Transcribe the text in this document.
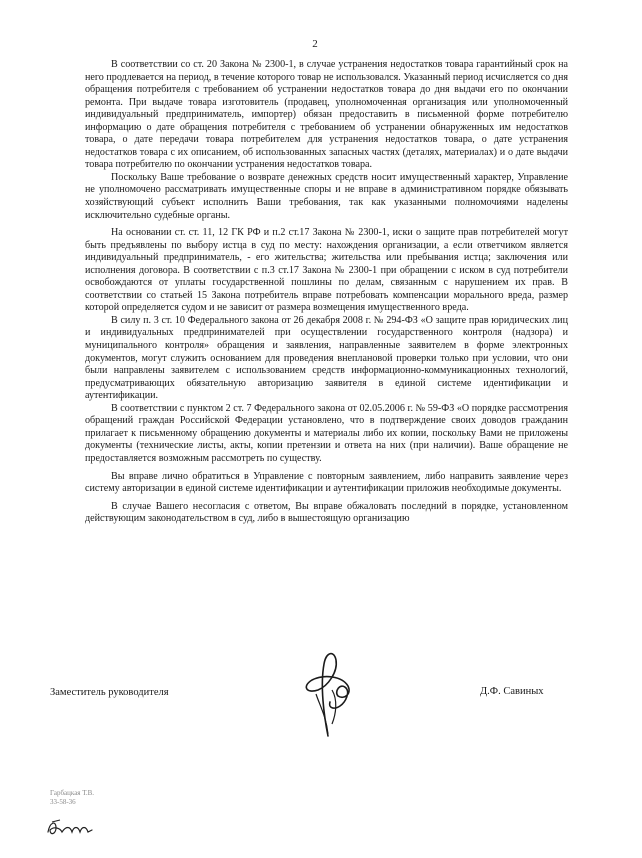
2

В соответствии со ст. 20 Закона № 2300-1, в случае устранения недостатков товара гарантийный срок на него продлевается на период, в течение которого товар не использовался. Указанный период исчисляется со дня обращения потребителя с требованием об устранении недостатков товара до дня выдачи его по окончании ремонта. При выдаче товара изготовитель (продавец, уполномоченная организация или уполномоченный индивидуальный предприниматель, импортер) обязан предоставить в письменной форме потребителю информацию о дате обращения потребителя с требованием об устранении обнаруженных им недостатков товара, о дате передачи товара потребителем для устранения недостатков товара, о дате устранения недостатков товара с их описанием, об использованных запасных частях (деталях, материалах) и о дате выдачи товара потребителю по окончании устранения недостатков товара.

Поскольку Ваше требование о возврате денежных средств носит имущественный характер, Управление не уполномочено рассматривать имущественные споры и не вправе в административном порядке обязывать хозяйствующий субъект исполнить Ваши требования, так как указанными полномочиями наделены исключительно судебные органы.

На основании ст. ст. 11, 12 ГК РФ и п.2 ст.17 Закона № 2300-1, иски о защите прав потребителей могут быть предъявлены по выбору истца в суд по месту: нахождения организации, а если ответчиком является индивидуальный предприниматель, - его жительства; жительства или пребывания истца; заключения или исполнения договора. В соответствии с п.3 ст.17 Закона № 2300-1 при обращении с иском в суд потребители освобождаются от уплаты государственной пошлины по делам, связанным с нарушением их прав. В соответствии со статьей 15 Закона потребитель вправе потребовать компенсации морального вреда, размер которой определяется судом и не зависит от размера возмещения имущественного вреда.

В силу п. 3 ст. 10 Федерального закона от 26 декабря 2008 г. № 294-ФЗ «О защите прав юридических лиц и индивидуальных предпринимателей при осуществлении государственного контроля (надзора) и муниципального контроля» обращения и заявления, направленные заявителем в форме электронных документов, могут служить основанием для проведения внеплановой проверки только при условии, что они были направлены заявителем с использованием средств информационно-коммуникационных технологий, предусматривающих обязательную авторизацию заявителя в единой системе идентификации и аутентификации.

В соответствии с пунктом 2 ст. 7 Федерального закона от 02.05.2006 г. № 59-ФЗ «О порядке рассмотрения обращений граждан Российской Федерации установлено, что в подтверждение своих доводов гражданин прилагает к письменному обращению документы и материалы либо их копии, поскольку Вами не приложены документы (технические листы, акты, копии претензии и ответа на них (при наличии). Ваше обращение не предоставляется возможным рассмотреть по существу.

Вы вправе лично обратиться в Управление с повторным заявлением, либо направить заявление через систему авторизации в единой системе идентификации и аутентификации приложив необходимые документы.

В случае Вашего несогласия с ответом, Вы вправе обжаловать последний в порядке, установленном действующим законодательством в суд, либо в вышестоящую организацию

Заместитель руководителя	Д.Ф. Савиных
Гарбацкая Т.В.
33-58-36
